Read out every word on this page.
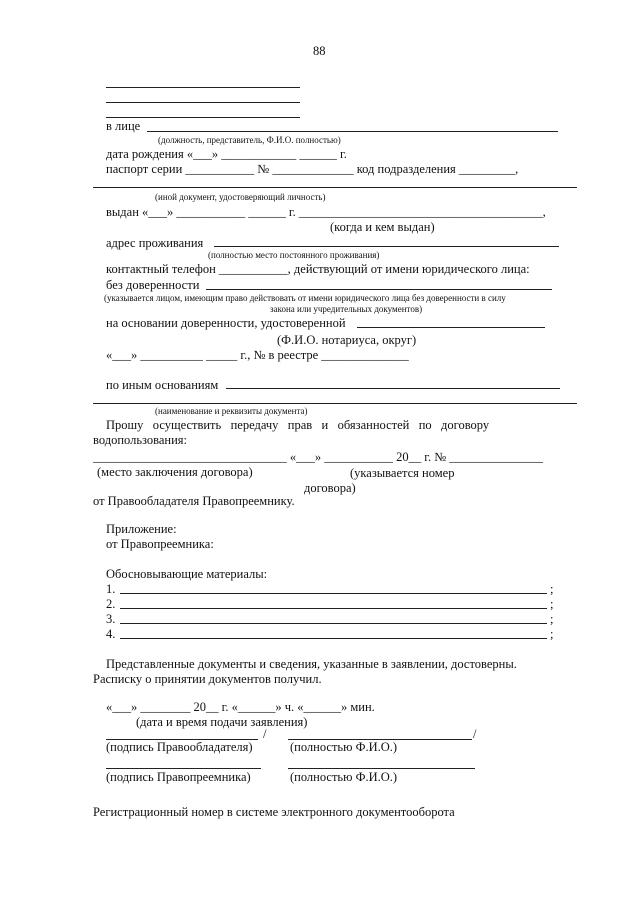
88
в лице
(должность, представитель, Ф.И.О. полностью)
дата рождения «___» ____________ ______ г.
паспорт серии ___________ № _____________ код подразделения _________,
(иной документ, удостоверяющий личность)
выдан «___» ___________ ______ г. _______________________________________,
(когда и кем выдан)
адрес проживания
(полностью место постоянного проживания)
контактный телефон ___________, действующий от имени юридического лица:
без доверенности
(указывается лицом, имеющим право действовать от имени юридического лица без доверенности в силу
закона или учредительных документов)
на основании доверенности, удостоверенной
(Ф.И.О. нотариуса, округ)
«___» __________ _____ г., № в реестре ______________
по иным основаниям
(наименование и реквизиты документа)
Прошу   осуществить   передачу   прав   и   обязанностей   по   договору
водопользования:
_______________________________ «___» ___________ 20__ г. № _______________
(место заключения договора)	(указывается номер
договора)
от Правообладателя Правопреемнику.
Приложение:
от Правопреемника:
Обосновывающие материалы:
1.	;
2.	;
3.	;
4.	;
Представленные документы и сведения, указанные в заявлении, достоверны.
Расписку о принятии документов получил.
«___» ________ 20__ г. «______» ч. «______» мин.
(дата и время подачи заявления)
/	/
(подпись Правообладателя)	(полностью Ф.И.О.)
(подпись Правопреемника)	(полностью Ф.И.О.)
Регистрационный номер в системе электронного документооборота
